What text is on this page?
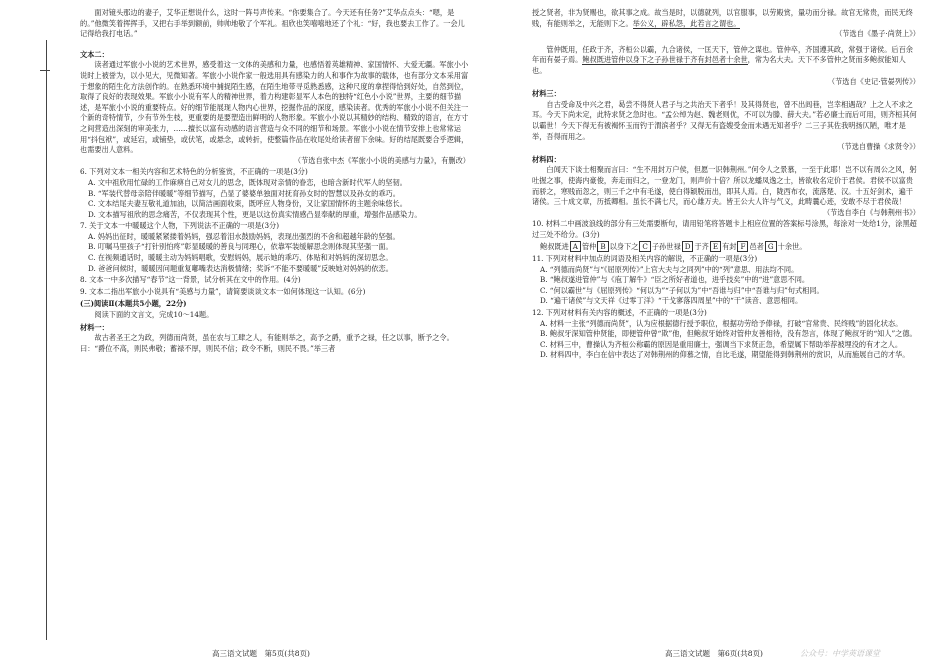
面对镜头那边的妻子，艾华正想说什么，这时一阵号声传来。“你要集合了。今天还有任务?”艾华点点头：“嗯，是的。”他微笑着挥挥手，又把右手举到额前，帅帅地敬了个军礼。祖欣也笑嘻嘻地还了个礼：“好，我也要去工作了。一会儿记得给我打电话。”

文本二：

读者通过军旅小小说的艺术世界，感受着这一文体的美感和力量，也感悟着英雄精神、家国情怀、大爱无疆。军旅小小说时上被誉为，以小见大，见微知著。军旅小小说作家一般选用具有感染力的人和事作为故事的载体，也有部分文本采用富于想象的陌生化方法创作的。在熟悉环境中捕捉陌生感，在陌生地带寻觅熟悉感，这种尺度的拿捏得恰到好处，自然到位，取得了良好的表现效果。军旅小小说有军人的精神世界，着力构建彰显军人本色的独特“红色小小说”世界，主要的细节描述，是军旅小小说的重要特点。好的细节能展现人物内心世界，挖掘作品的深度，感染读者。优秀的军旅小小说不但关注一个新的奇特情节，少有节外生枝，更重要的是要塑造出鲜明的人物形象。军旅小小说以其精妙的结构、精致的语言，在方寸之间营造出深刻的审美张力，……擅长以富有动感的语言营造与众不同的细节和场景。军旅小小说在情节安排上也常常运用“抖包袱”，或延宕，或铺垫，或伏笔，或悬念，或转折，使整篇作品在收尾处给读者留下余味。好的结尾既要合乎逻辑，也需要出人意料。

（节选自张中杰《军旅小小说的美感与力量》，有删改）

6. 下列对文本一相关内容和艺术特色的分析鉴赏，不正确的一项是(3分)

A. 文中祖欣用忙碌的工作麻痹自己对女儿的思念，既体现对亲情的眷恋，也暗含新时代军人的坚韧。

B. “军装代替母亲陪伴暖暖”等细节描写，凸显了婆婆单独面对抚育孙女时的智慧以及孙女的乖巧。

C. 文本结尾夫妻互敬礼道加油，以简洁画面收束，既呼应人物身份，又让家国情怀的主题余味悠长。

D. 文本描写祖欣的思念痛苦，不仅表现其个性，更是以这份真实情感凸显奉献的厚重，增强作品感染力。

7. 关于文本一中暖暖这个人物，下列说法不正确的一项是(3分)

A. 妈妈出征时，暖暖紧紧搂着妈妈，强忍着泪水鼓励妈妈，表现出强烈的不舍和超越年龄的坚强。

B. 叮嘱马里孩子“打针别怕疼”彰显暖暖的善良与同理心，依靠军装缓解思念则体现其坚强一面。

C. 在视频通话时，暖暖主动为妈妈唱歌，安慰妈妈，展示她的乖巧、体贴和对妈妈的深切思念。

D. 爸爸问候时，暖暖因问题重复嘟嘴表达消极情绪；奖诉“不能不要暖暖”反映她对妈妈的依恋。

8. 文本一中多次描写“春节”这一背景，试分析其在文中的作用。(4分)

9. 文本二指出军旅小小说具有“美感与力量”，请简要谈谈文本一如何体现这一认知。(6分)

(三)阅读Ⅱ(本题共5小题，22分)

阅读下面的文言文，完成10～14题。

材料一：

故古者圣王之为政，列德而尚贤，虽在农与工肆之人，有能则举之，高予之爵，重予之禄，任之以事，断予之令。曰：“爵位不高，则民弗敬；蓄禄不厚，则民不信；政令不断，则民不畏。”举三者

高三语文试题　第5页(共8页)

授之贤者，非为贤赐也，欲其事之成。故当是时，以德就列，以官服事，以劳殿赏，量功而分禄。故官无常贵，而民无终贱，有能则举之，无能则下之。举公义，辟私怨，此若言之谓也。

（节选自《墨子·尚贤上》）

管仲既用，任政于齐，齐桓公以霸，九合诸侯，一匡天下，管仲之谋也。管仲卒，齐国遵其政，常强于诸侯。后百余年而有晏子焉。鲍叔既进管仲以身下之子孙世禄于齐有封邑者十余世，常为名大夫。天下不多管仲之贤而多鲍叔能知人也。

（节选自《史记·管晏列传》）

材料三：

自古受命及中兴之君，曷尝不得贤人君子与之共治天下者乎！及其得贤也，曾不出闾巷，岂幸相遇哉？上之人不求之耳。今天下尚未定，此特求贤之急时也。“孟公绰为赵、魏老则优，不可以为滕、薛大夫。”若必廉士而后可用，则齐桓其何以霸世！今天下得无有被褐怀玉而钓于渭滨者乎？又得无有盗嫂受金而未遇无知者乎？二三子其佐我明扬仄陋，唯才是举，吾得而用之。

（节选自曹操《求贤令》）

材料四：

白闻天下谈士相聚而言曰：“生不用封万户侯，但愿一识韩荆州。”何令人之景慕，一至于此耶！岂不以有周公之风，躬吐握之事，使海内豪俊，奔走而归之，一登龙门，则声价十倍？所以龙蟠凤逸之士，皆欲收名定价于君侯。君侯不以富贵而骄之，寒贱而忽之，则三千之中有毛遂，使白得颖脱而出，即其人焉。白，陇西布衣，流落楚、汉。十五好剑术，遍干诸侯。三十成文章，历抵卿相。虽长不满七尺，而心雄万夫。皆王公大人许与气义，此畴曩心迹，安敢不尽于君侯哉！

（节选自李白《与韩荆州书》）

10. 材料二中画波浪线的部分有三处需要断句，请用铅笔将答题卡上相应位置的答案标号涂黑，每涂对一处给1分，涂黑超过三处不给分。(3分)

鲍叔既进 A 管仲 B 以身下之 C 子孙世禄 D 于齐 E 有封 F 邑者 G 十余世。

11. 下列对材料中加点的词语及相关内容的解说，不正确的一项是(3分)

A. “列德而尚贤”与“《屈原列传》”上官大夫与之同列”中的“列”意思、用法均不同。

B. “鲍叔遂进管仲”与《庖丁解牛》“臣之所好者道也，进乎技矣”中的“进”意思不同。

C. “何以霸世”与《屈原列传》“何以为”“子何以为”中“吾谁与归”中“吾谁与归”句式相同。

D. “遍干诸侯”与文天祥《过零丁洋》“干戈寥落四周星”中的“干”读音、意思相同。

12. 下列对材料有关内容的概述，不正确的一项是(3分)

A. 材料一主张“列德而尚贤”，认为应根据德行授予职位，根据功劳给予俸禄，打破“官常贵、民终贱”的固化状态。

B. 鲍叔牙深知管仲贤能，即便管仲曾“欺”他，但鲍叔牙始终对管仲友善相待，没有怨言，体现了鲍叔牙的“知人”之德。

C. 材料三中，曹操认为齐桓公称霸的原因是重用廉士，强调当下求贤正急，希望属下帮助举荐被埋没的有才之人。

D. 材料四中，李白在信中表达了对韩荆州的仰慕之情，自比毛遂，期望能得到韩荆州的赏识，从而施展自己的才华。

高三语文试题　第6页(共8页)	公众号：中学英语课堂
